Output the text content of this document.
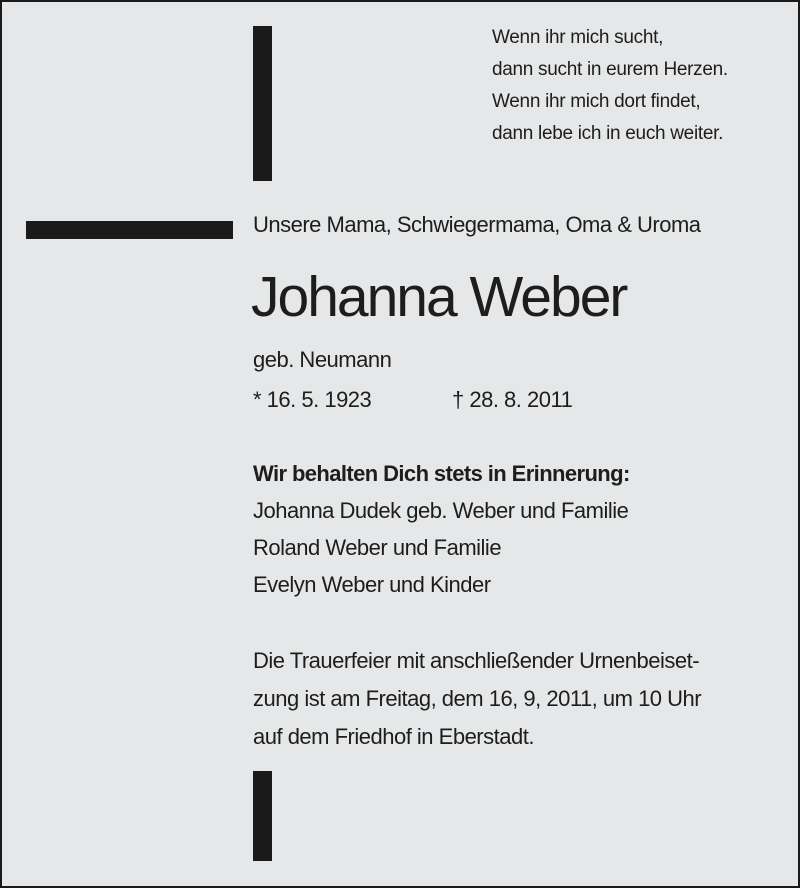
Wenn ihr mich sucht,
dann sucht in eurem Herzen.
Wenn ihr mich dort findet,
dann lebe ich in euch weiter.
Unsere Mama, Schwiegermama, Oma & Uroma
Johanna Weber
geb. Neumann
* 16. 5. 1923	† 28. 8. 2011
Wir behalten Dich stets in Erinnerung:
Johanna Dudek geb. Weber und Familie
Roland Weber und Familie
Evelyn Weber und Kinder
Die Trauerfeier mit anschließender Urnenbeiset-
zung ist am Freitag, dem 16, 9, 2011, um 10 Uhr
auf dem Friedhof in Eberstadt.
